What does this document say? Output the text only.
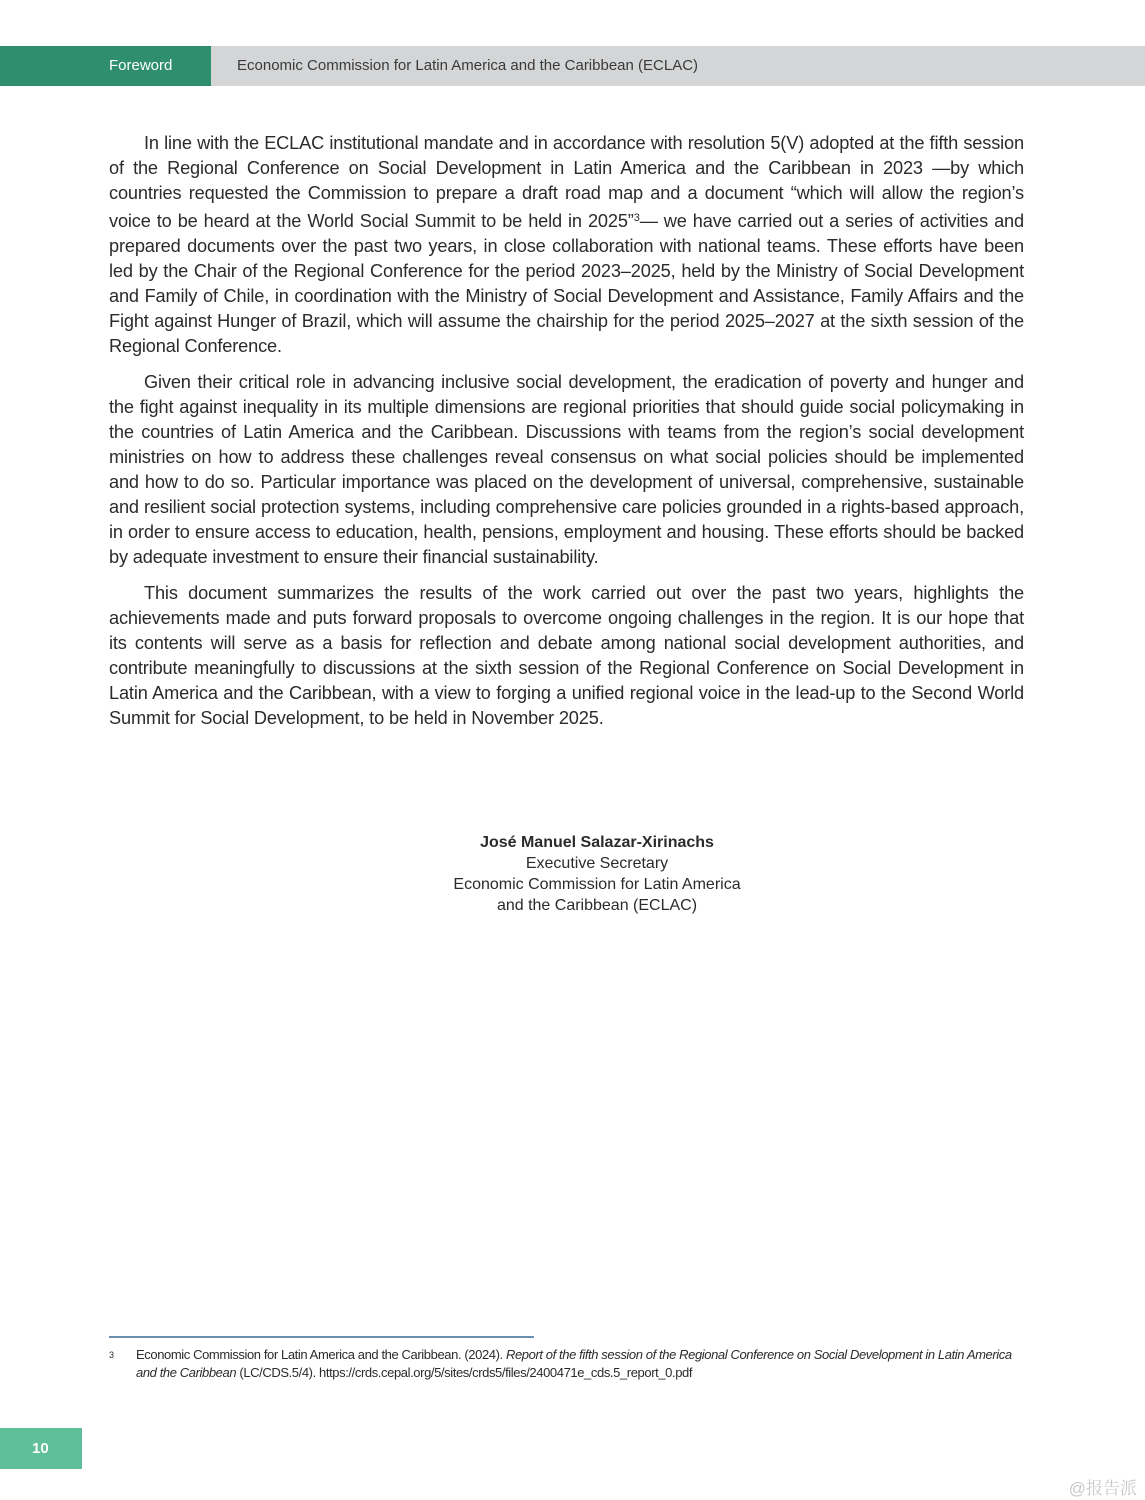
Foreword	Economic Commission for Latin America and the Caribbean (ECLAC)

In line with the ECLAC institutional mandate and in accordance with resolution 5(V) adopted at the fifth session of the Regional Conference on Social Development in Latin America and the Caribbean in 2023 —by which countries requested the Commission to prepare a draft road map and a document “which will allow the region’s voice to be heard at the World Social Summit to be held in 2025”$^3$— we have carried out a series of activities and prepared documents over the past two years, in close collaboration with national teams. These efforts have been led by the Chair of the Regional Conference for the period 2023–2025, held by the Ministry of Social Development and Family of Chile, in coordination with the Ministry of Social Development and Assistance, Family Affairs and the Fight against Hunger of Brazil, which will assume the chairship for the period 2025–2027 at the sixth session of the Regional Conference.

Given their critical role in advancing inclusive social development, the eradication of poverty and hunger and the fight against inequality in its multiple dimensions are regional priorities that should guide social policymaking in the countries of Latin America and the Caribbean. Discussions with teams from the region’s social development ministries on how to address these challenges reveal consensus on what social policies should be implemented and how to do so. Particular importance was placed on the development of universal, comprehensive, sustainable and resilient social protection systems, including comprehensive care policies grounded in a rights-based approach, in order to ensure access to education, health, pensions, employment and housing. These efforts should be backed by adequate investment to ensure their financial sustainability.

This document summarizes the results of the work carried out over the past two years, highlights the achievements made and puts forward proposals to overcome ongoing challenges in the region. It is our hope that its contents will serve as a basis for reflection and debate among national social development authorities, and contribute meaningfully to discussions at the sixth session of the Regional Conference on Social Development in Latin America and the Caribbean, with a view to forging a unified regional voice in the lead-up to the Second World Summit for Social Development, to be held in November 2025.

José Manuel Salazar-Xirinachs
Executive Secretary
Economic Commission for Latin America
and the Caribbean (ECLAC)
3 Economic Commission for Latin America and the Caribbean. (2024). Report of the fifth session of the Regional Conference on Social Development in Latin America and the Caribbean (LC/CDS.5/4). https://crds.cepal.org/5/sites/crds5/files/2400471e_cds.5_report_0.pdf
10
@报告派
